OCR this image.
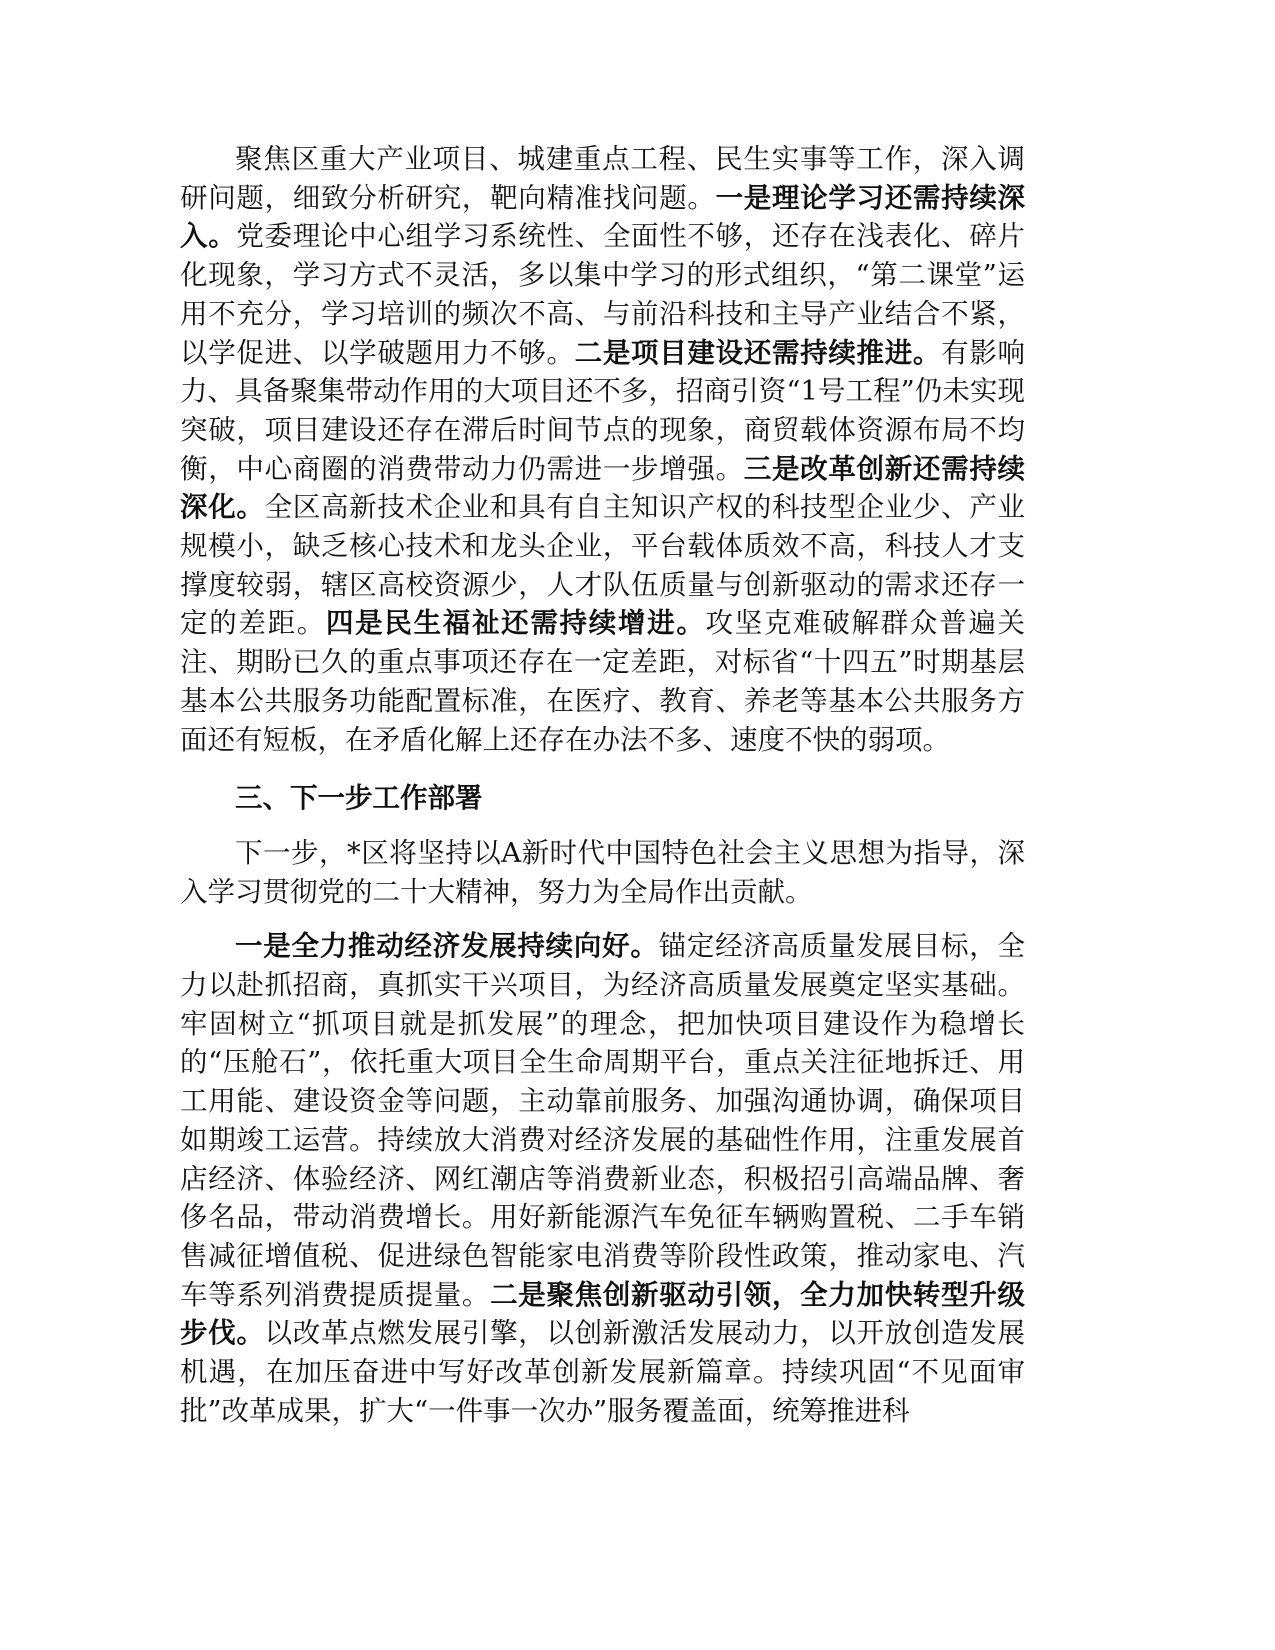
聚焦区重大产业项目、城建重点工程、民生实事等工作，深入调研问题，细致分析研究，靶向精准找问题。一是理论学习还需持续深入。党委理论中心组学习系统性、全面性不够，还存在浅表化、碎片化现象，学习方式不灵活，多以集中学习的形式组织，“第二课堂”运用不充分，学习培训的频次不高、与前沿科技和主导产业结合不紧，以学促进、以学破题用力不够。二是项目建设还需持续推进。有影响力、具备聚集带动作用的大项目还不多，招商引资“1号工程”仍未实现突破，项目建设还存在滞后时间节点的现象，商贸载体资源布局不均衡，中心商圈的消费带动力仍需进一步增强。三是改革创新还需持续深化。全区高新技术企业和具有自主知识产权的科技型企业少、产业规模小，缺乏核心技术和龙头企业，平台载体质效不高，科技人才支撑度较弱，辖区高校资源少，人才队伍质量与创新驱动的需求还存一定的差距。四是民生福祉还需持续增进。攻坚克难破解群众普遍关注、期盼已久的重点事项还存在一定差距，对标省“十四五”时期基层基本公共服务功能配置标准，在医疗、教育、养老等基本公共服务方面还有短板，在矛盾化解上还存在办法不多、速度不快的弱项。

三、下一步工作部署

下一步，*区将坚持以A新时代中国特色社会主义思想为指导，深入学习贯彻党的二十大精神，努力为全局作出贡献。

一是全力推动经济发展持续向好。锚定经济高质量发展目标，全力以赴抓招商，真抓实干兴项目，为经济高质量发展奠定坚实基础。牢固树立“抓项目就是抓发展”的理念，把加快项目建设作为稳增长的“压舱石”，依托重大项目全生命周期平台，重点关注征地拆迁、用工用能、建设资金等问题，主动靠前服务、加强沟通协调，确保项目如期竣工运营。持续放大消费对经济发展的基础性作用，注重发展首店经济、体验经济、网红潮店等消费新业态，积极招引高端品牌、奢侈名品，带动消费增长。用好新能源汽车免征车辆购置税、二手车销售减征增值税、促进绿色智能家电消费等阶段性政策，推动家电、汽车等系列消费提质提量。二是聚焦创新驱动引领，全力加快转型升级步伐。以改革点燃发展引擎，以创新激活发展动力，以开放创造发展机遇，在加压奋进中写好改革创新发展新篇章。持续巩固“不见面审批”改革成果，扩大“一件事一次办”服务覆盖面，统筹推进科
